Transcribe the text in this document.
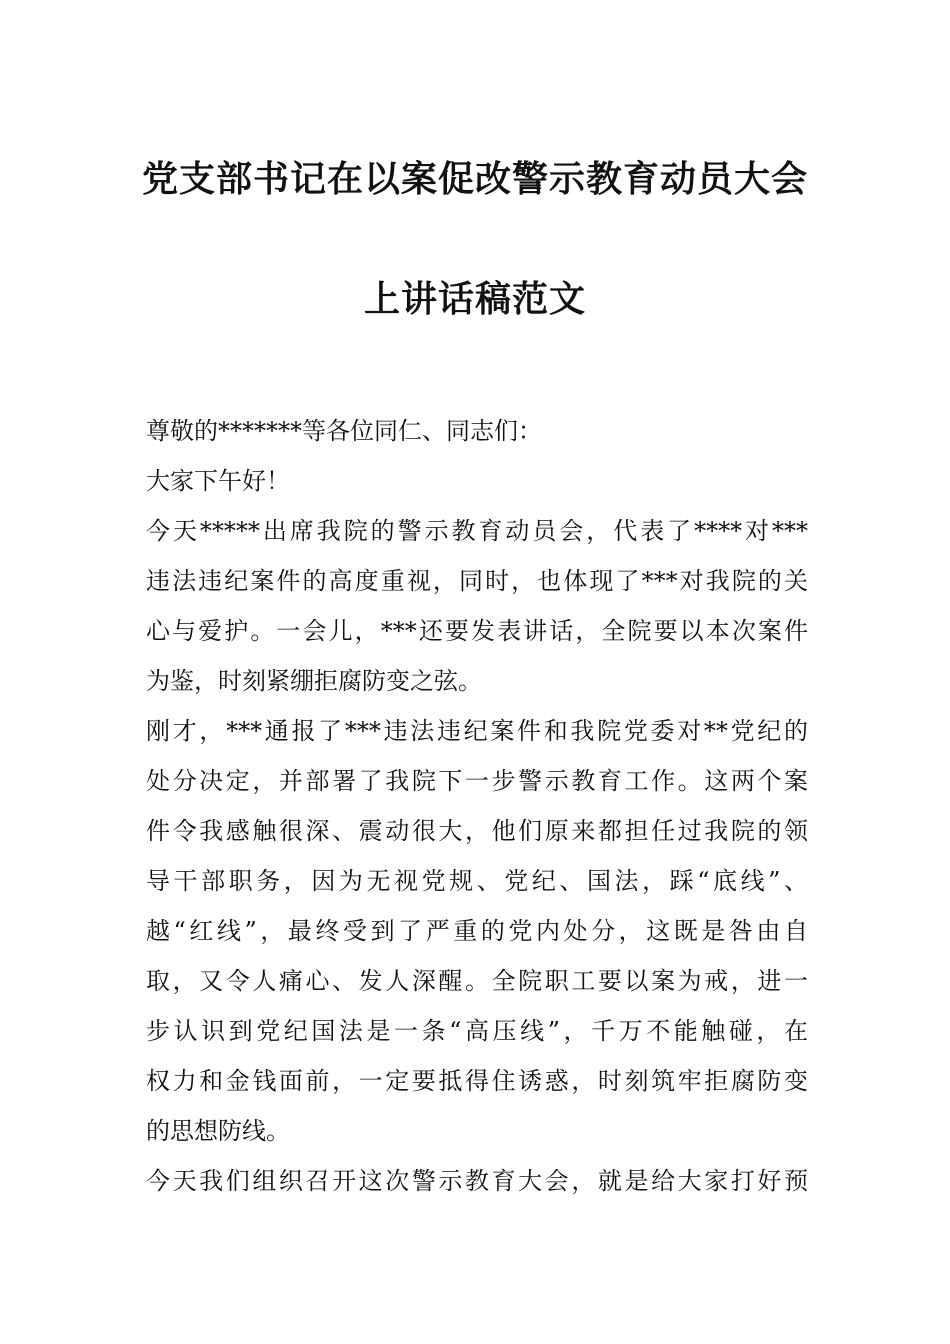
党支部书记在以案促改警示教育动员大会
上讲话稿范文
尊敬的*******等各位同仁、同志们：
大家下午好！
今天*****出席我院的警示教育动员会，代表了****对***
违法违纪案件的高度重视，同时，也体现了***对我院的关
心与爱护。一会儿，***还要发表讲话，全院要以本次案件
为鉴，时刻紧绷拒腐防变之弦。
刚才，***通报了***违法违纪案件和我院党委对**党纪的
处分决定，并部署了我院下一步警示教育工作。这两个案
件令我感触很深、震动很大，他们原来都担任过我院的领
导干部职务，因为无视党规、党纪、国法，踩“底线”、
越“红线”，最终受到了严重的党内处分，这既是咎由自
取，又令人痛心、发人深醒。全院职工要以案为戒，进一
步认识到党纪国法是一条“高压线”，千万不能触碰，在
权力和金钱面前，一定要抵得住诱惑，时刻筑牢拒腐防变
的思想防线。
今天我们组织召开这次警示教育大会，就是给大家打好预
